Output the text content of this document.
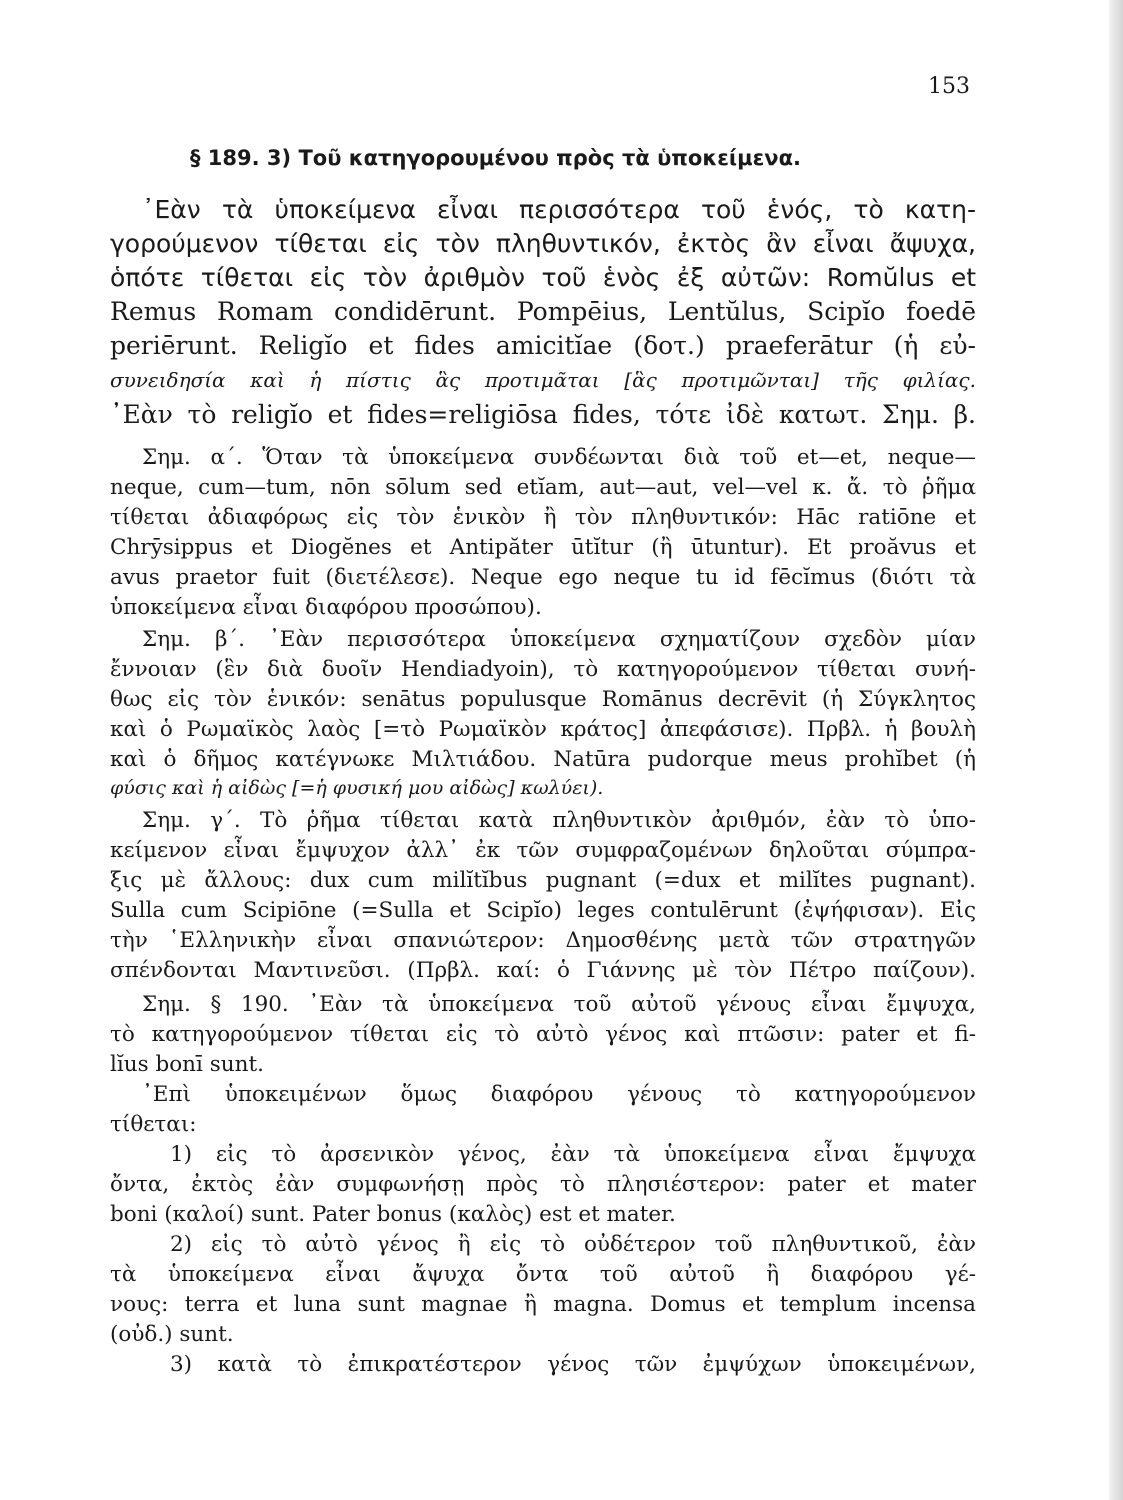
153
§ 189. 3) Τοῦ κατηγορουμένου πρὸς τὰ ὑποκείμενα.
᾿Εὰν τὰ ὑποκείμενα εἶναι περισσότερα τοῦ ἑνός, τὸ κατη-
γορούμενον τίθεται εἰς τὸν πληθυντικόν, ἐκτὸς ἂν εἶναι ἄψυχα,
ὁπότε τίθεται εἰς τὸν ἀριθμὸν τοῦ ἑνὸς ἐξ αὐτῶν: Romŭlus et
Remus Romam condidērunt. Pompēius, Lentŭlus, Scipĭo foedē
periērunt. Religĭo et fides amicitĭae (δοτ.) praeferātur (ἡ εὐ-
συνειδησία καὶ ἡ πίστις ἃς προτιμᾶται [ἃς προτιμῶνται] τῆς φιλίας.
᾿Εὰν τὸ religĭo et fides=religiōsa fides, τότε ἰδὲ κατωτ. Σημ. β.
Σημ. α΄. Ὅταν τὰ ὑποκείμενα συνδέωνται διὰ τοῦ et—et, neque—
neque, cum—tum, nōn sōlum sed etĭam, aut—aut, vel—vel κ. ἄ. τὸ ῥῆμα
τίθεται ἀδιαφόρως εἰς τὸν ἑνικὸν ἢ τὸν πληθυντικόν: Hāc ratiōne et
Chrȳsippus et Diogĕnes et Antipăter ūtĭtur (ἢ ūtuntur). Et proăvus et
avus praetor fuit (διετέλεσε). Neque ego neque tu id fēcĭmus (διότι τὰ
ὑποκείμενα εἶναι διαφόρου προσώπου).
Σημ. β΄. ᾿Εὰν περισσότερα ὑποκείμενα σχηματίζουν σχεδὸν μίαν
ἔννοιαν (ἓν διὰ δυοῖν Hendiadyoin), τὸ κατηγορούμενον τίθεται συνή-
θως εἰς τὸν ἑνικόν: senātus populusque Romānus decrēvit (ἡ Σύγκλητος
καὶ ὁ Ρωμαϊκὸς λαὸς [=τὸ Ρωμαϊκὸν κράτος] ἀπεφάσισε). Πρβλ. ἡ βουλὴ
καὶ ὁ δῆμος κατέγνωκε Μιλτιάδου. Natūra pudorque meus prohĭbet (ἡ
φύσις καὶ ἡ αἰδὼς [=ἡ φυσική μου αἰδὼς] κωλύει).
Σημ. γ΄. Τὸ ῥῆμα τίθεται κατὰ πληθυντικὸν ἀριθμόν, ἐὰν τὸ ὑπο-
κείμενον εἶναι ἔμψυχον ἀλλ᾿ ἐκ τῶν συμφραζομένων δηλοῦται σύμπρα-
ξις μὲ ἄλλους: dux cum milĭtĭbus pugnant (=dux et milĭtes pugnant).
Sulla cum Scipiōne (=Sulla et Scipĭo) leges contulērunt (ἐψήφισαν). Εἰς
τὴν ῾Ελληνικὴν εἶναι σπανιώτερον: Δημοσθένης μετὰ τῶν στρατηγῶν
σπένδονται Μαντινεῦσι. (Πρβλ. καί: ὁ Γιάννης μὲ τὸν Πέτρο παίζουν).
Σημ. § 190. ᾿Εὰν τὰ ὑποκείμενα τοῦ αὐτοῦ γένους εἶναι ἔμψυχα,
τὸ κατηγορούμενον τίθεται εἰς τὸ αὐτὸ γένος καὶ πτῶσιν: pater et fi-
lĭus bonī sunt.
᾿Επὶ ὑποκειμένων ὅμως διαφόρου γένους τὸ κατηγορούμενον
τίθεται:
1) εἰς τὸ ἀρσενικὸν γένος, ἐὰν τὰ ὑποκείμενα εἶναι ἔμψυχα
ὄντα, ἐκτὸς ἐὰν συμφωνήσῃ πρὸς τὸ πλησιέστερον: pater et mater
boni (καλοί) sunt. Pater bonus (καλὸς) est et mater.
2) εἰς τὸ αὐτὸ γένος ἢ εἰς τὸ οὐδέτερον τοῦ πληθυντικοῦ, ἐὰν
τὰ ὑποκείμενα εἶναι ἄψυχα ὄντα τοῦ αὐτοῦ ἢ διαφόρου γέ-
νους: terra et luna sunt magnae ἢ magna. Domus et templum incensa
(οὐδ.) sunt.
3) κατὰ τὸ ἐπικρατέστερον γένος τῶν ἐμψύχων ὑποκειμένων,
